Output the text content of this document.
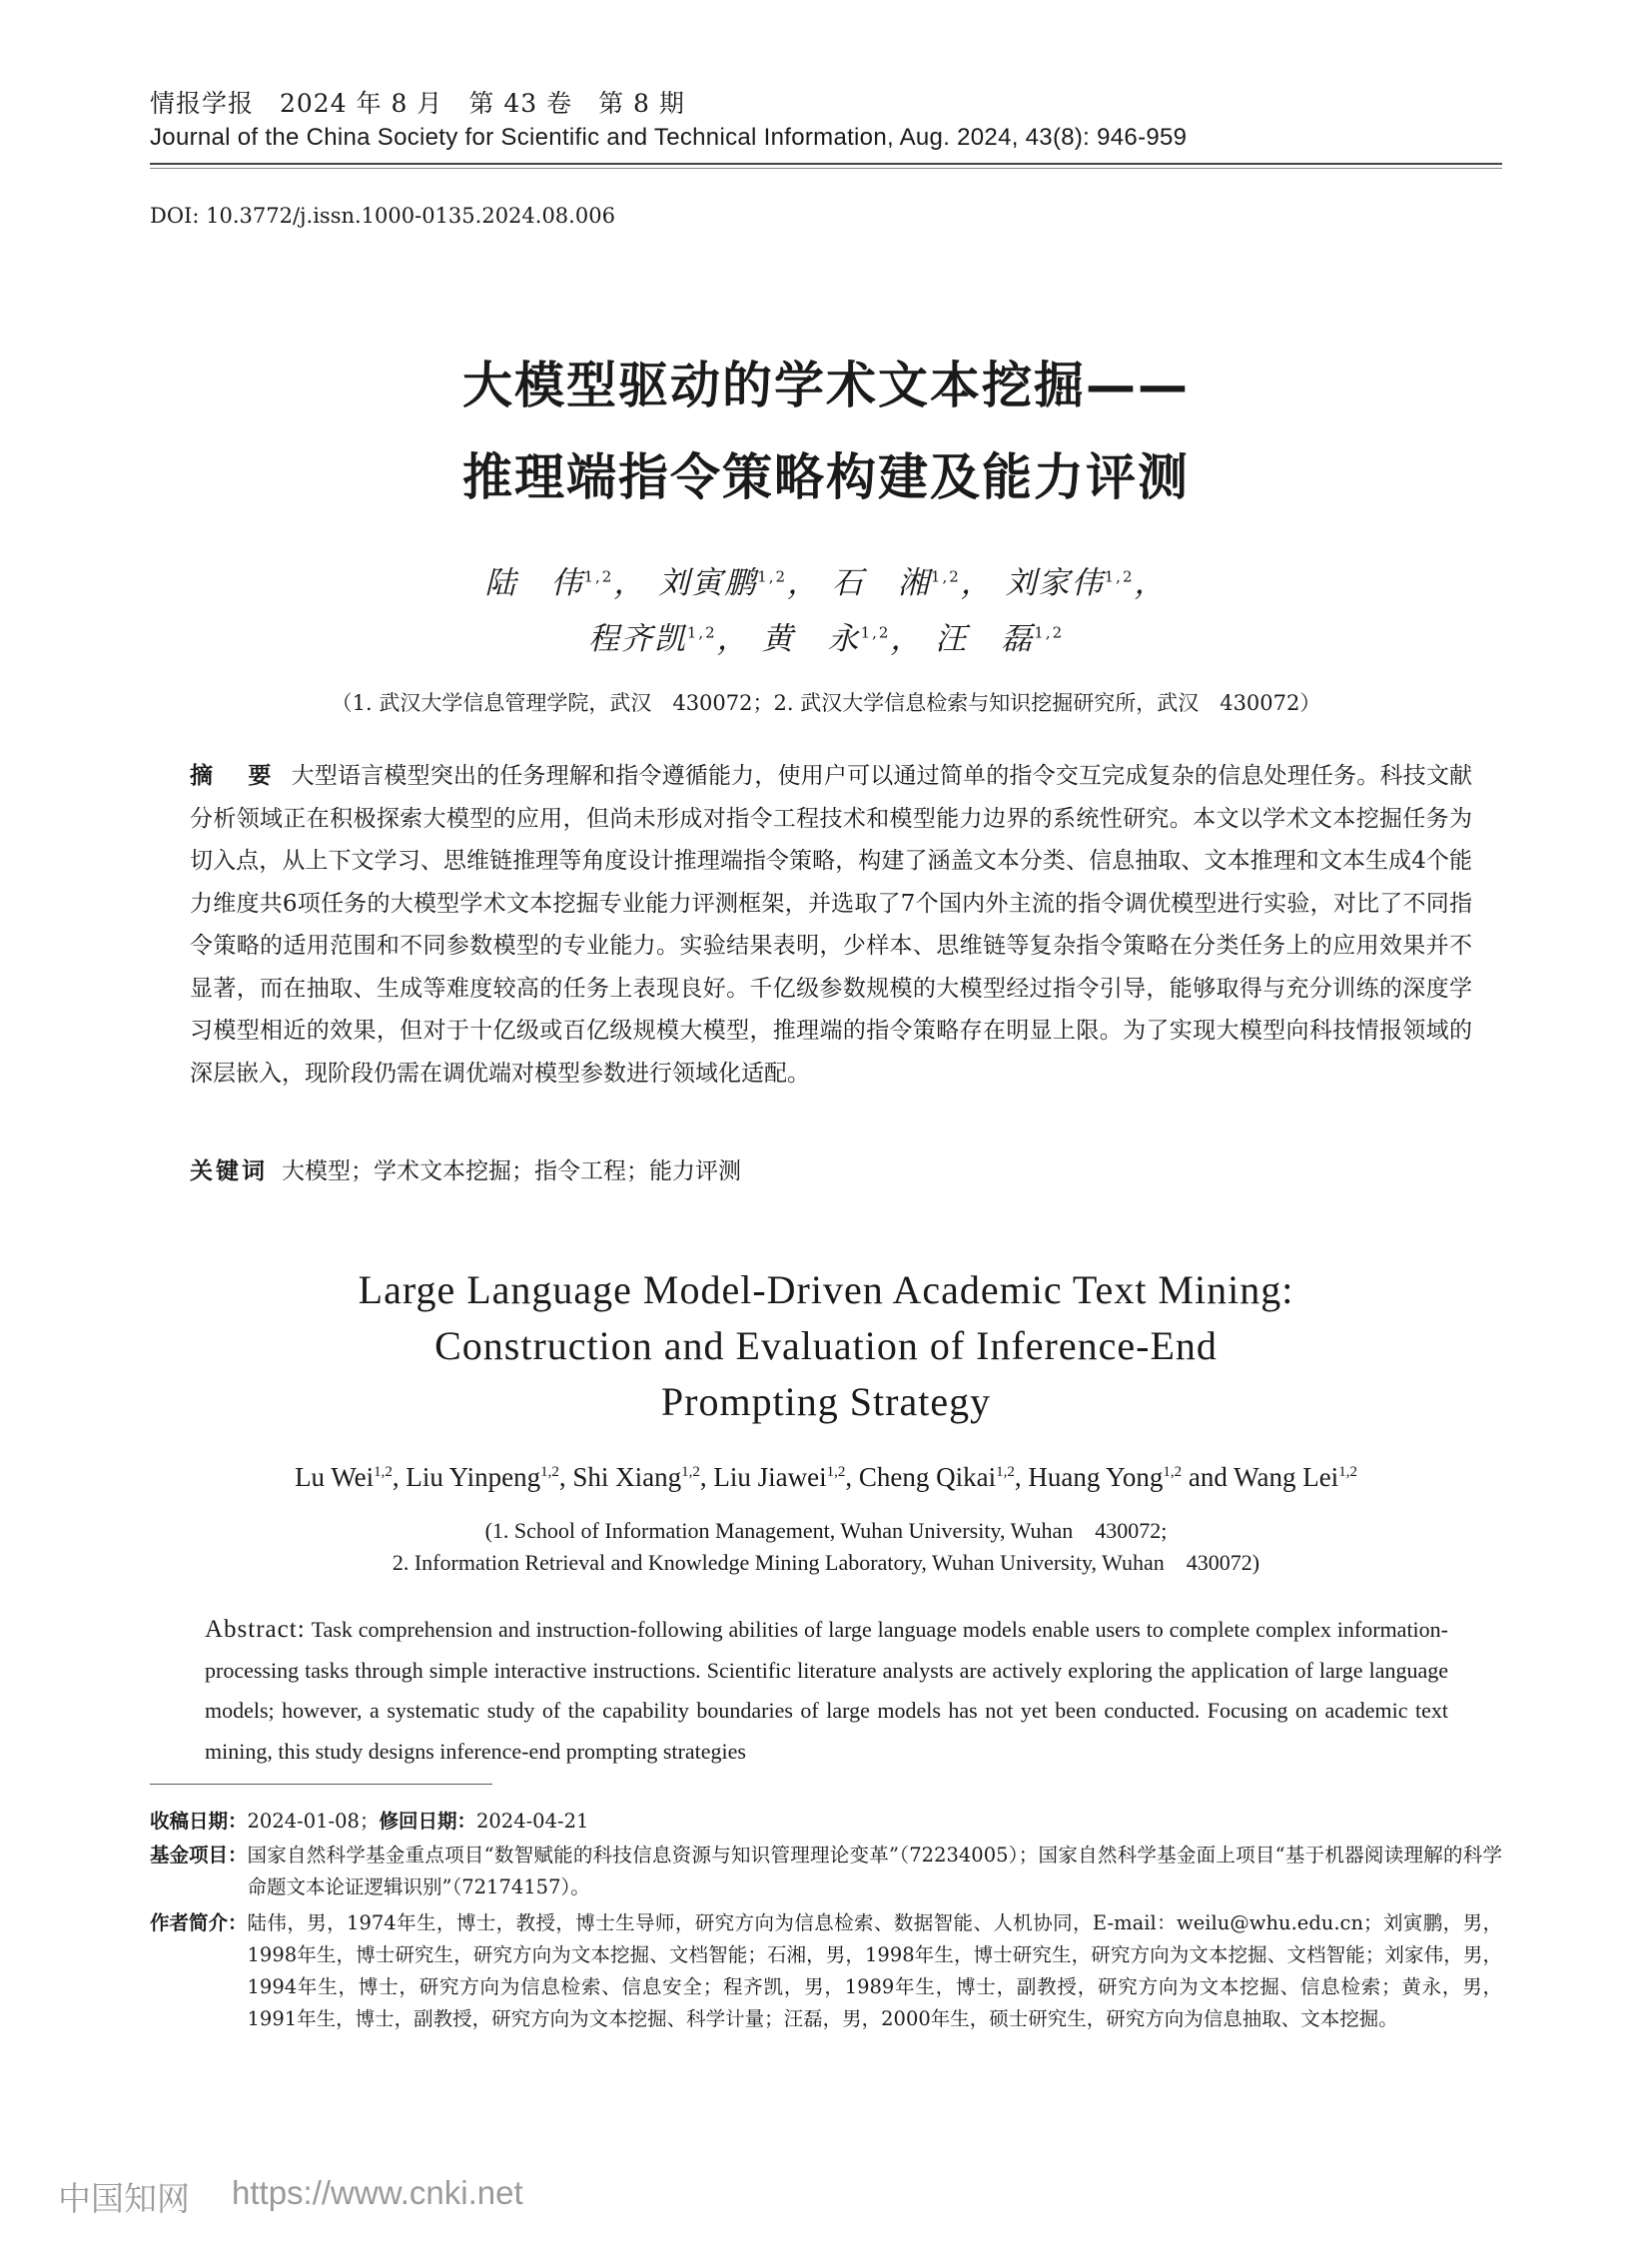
情报学报　2024 年 8 月　第 43 卷　第 8 期
Journal of the China Society for Scientific and Technical Information, Aug. 2024, 43(8): 946-959
DOI: 10.3772/j.issn.1000-0135.2024.08.006
大模型驱动的学术文本挖掘——
推理端指令策略构建及能力评测
陆　伟$^{1,2}$， 刘寅鹏$^{1,2}$， 石　湘$^{1,2}$， 刘家伟$^{1,2}$，
程齐凯$^{1,2}$， 黄　永$^{1,2}$， 汪　磊$^{1,2}$
（1. 武汉大学信息管理学院，武汉　430072；2. 武汉大学信息检索与知识挖掘研究所，武汉　430072）
摘　要 大型语言模型突出的任务理解和指令遵循能力，使用户可以通过简单的指令交互完成复杂的信息处理任务。科技文献分析领域正在积极探索大模型的应用，但尚未形成对指令工程技术和模型能力边界的系统性研究。本文以学术文本挖掘任务为切入点，从上下文学习、思维链推理等角度设计推理端指令策略，构建了涵盖文本分类、信息抽取、文本推理和文本生成4个能力维度共6项任务的大模型学术文本挖掘专业能力评测框架，并选取了7个国内外主流的指令调优模型进行实验，对比了不同指令策略的适用范围和不同参数模型的专业能力。实验结果表明，少样本、思维链等复杂指令策略在分类任务上的应用效果并不显著，而在抽取、生成等难度较高的任务上表现良好。千亿级参数规模的大模型经过指令引导，能够取得与充分训练的深度学习模型相近的效果，但对于十亿级或百亿级规模大模型，推理端的指令策略存在明显上限。为了实现大模型向科技情报领域的深层嵌入，现阶段仍需在调优端对模型参数进行领域化适配。
关键词 大模型；学术文本挖掘；指令工程；能力评测
Large Language Model-Driven Academic Text Mining:
Construction and Evaluation of Inference-End
Prompting Strategy
Lu Wei$^{1,2}$, Liu Yinpeng$^{1,2}$, Shi Xiang$^{1,2}$, Liu Jiawei$^{1,2}$, Cheng Qikai$^{1,2}$, Huang Yong$^{1,2}$ and Wang Lei$^{1,2}$
(1. School of Information Management, Wuhan University, Wuhan　430072;
2. Information Retrieval and Knowledge Mining Laboratory, Wuhan University, Wuhan　430072)
Abstract: Task comprehension and instruction-following abilities of large language models enable users to complete complex information-processing tasks through simple interactive instructions. Scientific literature analysts are actively exploring the application of large language models; however, a systematic study of the capability boundaries of large models has not yet been conducted. Focusing on academic text mining, this study designs inference-end prompting strategies
收稿日期：2024-01-08；修回日期：2024-04-21
基金项目： 国家自然科学基金重点项目“数智赋能的科技信息资源与知识管理理论变革”（72234005）；国家自然科学基金面上项目“基于机器阅读理解的科学命题文本论证逻辑识别”（72174157）。
作者简介： 陆伟，男，1974年生，博士，教授，博士生导师，研究方向为信息检索、数据智能、人机协同，E-mail：weilu@whu.edu.cn；刘寅鹏，男，1998年生，博士研究生，研究方向为文本挖掘、文档智能；石湘，男，1998年生，博士研究生，研究方向为文本挖掘、文档智能；刘家伟，男，1994年生，博士，研究方向为信息检索、信息安全；程齐凯，男，1989年生，博士，副教授，研究方向为文本挖掘、信息检索；黄永，男，1991年生，博士，副教授，研究方向为文本挖掘、科学计量；汪磊，男，2000年生，硕士研究生，研究方向为信息抽取、文本挖掘。
中国知网 https://www.cnki.net
